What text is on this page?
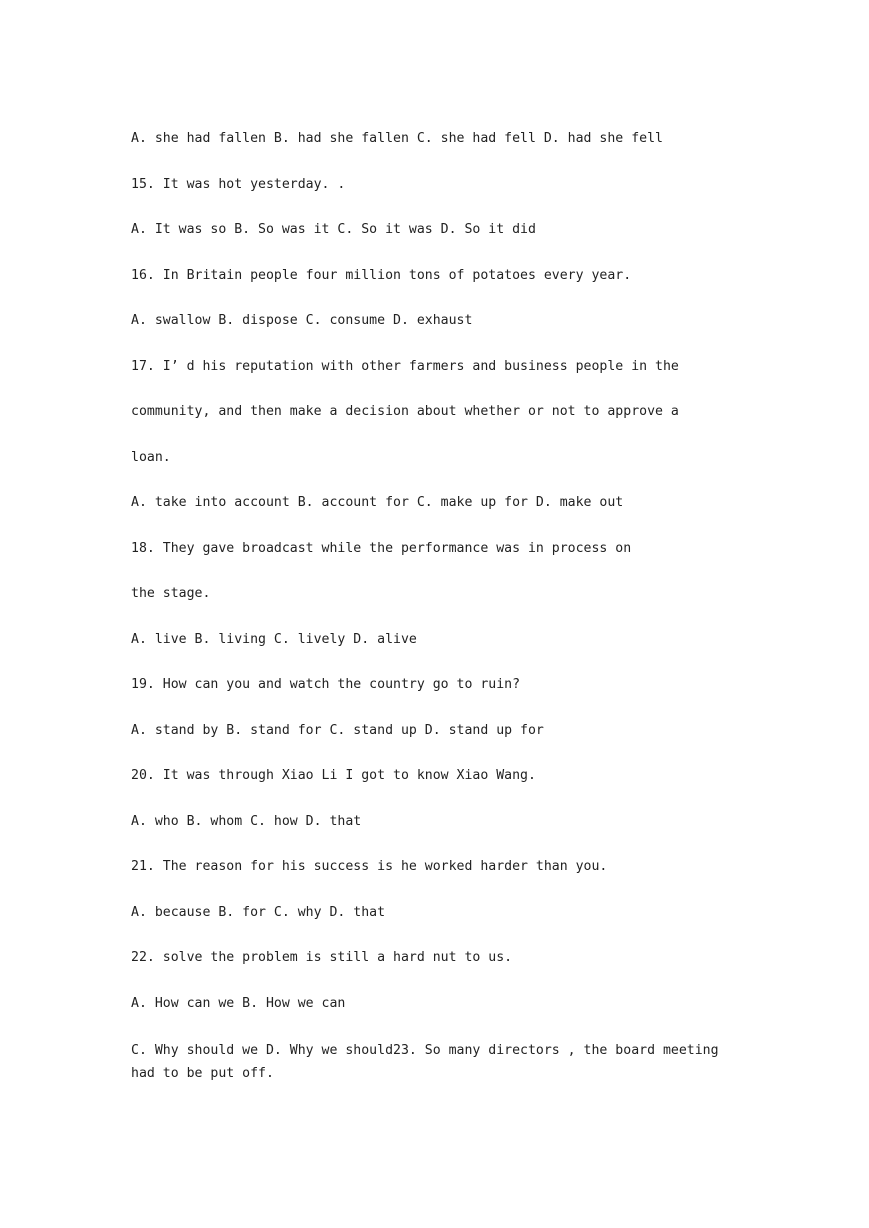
A. she had fallen B. had she fallen C. she had fell D. had she fell
15. It was hot yesterday. .
A. It was so B. So was it C. So it was D. So it did
16. In Britain people four million tons of potatoes every year.
A. swallow B. dispose C. consume D. exhaust
17. I’ d his reputation with other farmers and business people in the
community, and then make a decision about whether or not to approve a
loan.
A. take into account B. account for C. make up for D. make out
18. They gave broadcast while the performance was in process on
the stage.
A. live B. living C. lively D. alive
19. How can you and watch the country go to ruin?
A. stand by B. stand for C. stand up D. stand up for
20. It was through Xiao Li I got to know Xiao Wang.
A. who B. whom C. how D. that
21. The reason for his success is he worked harder than you.
A. because B. for C. why D. that
22. solve the problem is still a hard nut to us.
A. How can we B. How we can
C. Why should we D. Why we should23. So many directors , the board meeting had to be put off.
